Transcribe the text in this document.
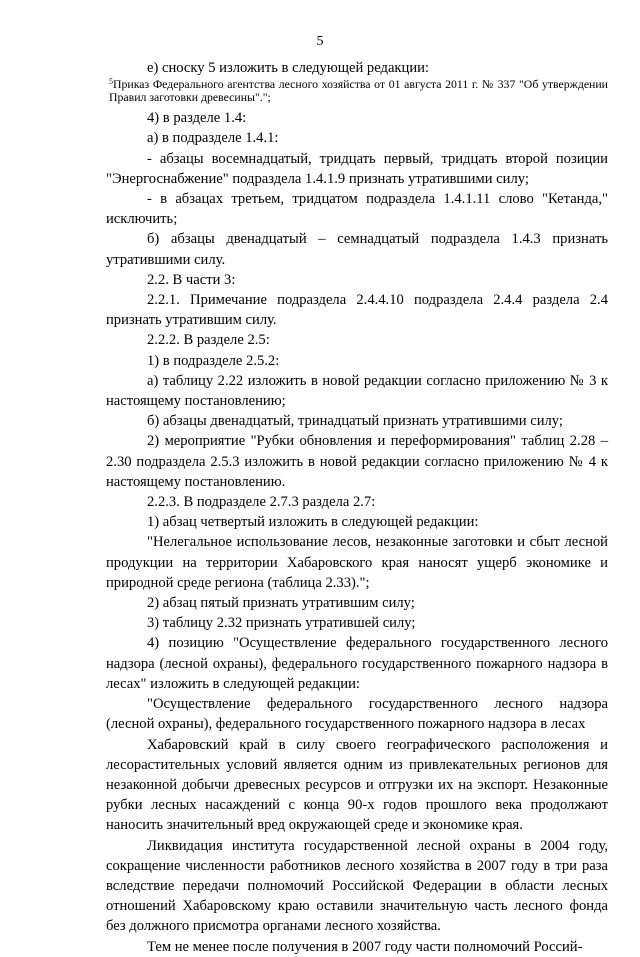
5

е) сноску 5 изложить в следующей редакции:

$^5$Приказ Федерального агентства лесного хозяйства от 01 августа 2011 г. № 337 "Об утверждении Правил заготовки древесины".";

4) в разделе 1.4:

а) в подразделе 1.4.1:

- абзацы восемнадцатый, тридцать первый, тридцать второй позиции "Энергоснабжение" подраздела 1.4.1.9 признать утратившими силу;

- в абзацах третьем, тридцатом подраздела 1.4.1.11 слово "Кетанда," исключить;

б) абзацы двенадцатый – семнадцатый подраздела 1.4.3 признать утратившими силу.

2.2. В части 3:

2.2.1. Примечание подраздела 2.4.4.10 подраздела 2.4.4 раздела 2.4 признать утратившим силу.

2.2.2. В разделе 2.5:

1) в подразделе 2.5.2:

а) таблицу 2.22 изложить в новой редакции согласно приложению № 3 к настоящему постановлению;

б) абзацы двенадцатый, тринадцатый признать утратившими силу;

2) мероприятие "Рубки обновления и переформирования" таблиц 2.28 – 2.30 подраздела 2.5.3 изложить в новой редакции согласно приложению № 4 к настоящему постановлению.

2.2.3. В подразделе 2.7.3 раздела 2.7:

1) абзац четвертый изложить в следующей редакции:

"Нелегальное использование лесов, незаконные заготовки и сбыт лесной продукции на территории Хабаровского края наносят ущерб экономике и природной среде региона (таблица 2.33).";

2) абзац пятый признать утратившим силу;

3) таблицу 2.32 признать утратившей силу;

4) позицию "Осуществление федерального государственного лесного надзора (лесной охраны), федерального государственного пожарного надзора в лесах" изложить в следующей редакции:

"Осуществление федерального государственного лесного надзора (лесной охраны), федерального государственного пожарного надзора в лесах

Хабаровский край в силу своего географического расположения и лесорастительных условий является одним из привлекательных регионов для незаконной добычи древесных ресурсов и отгрузки их на экспорт. Незаконные рубки лесных насаждений с конца 90-х годов прошлого века продолжают наносить значительный вред окружающей среде и экономике края.

Ликвидация института государственной лесной охраны в 2004 году, сокращение численности работников лесного хозяйства в 2007 году в три раза вследствие передачи полномочий Российской Федерации в области лесных отношений Хабаровскому краю оставили значительную часть лесного фонда без должного присмотра органами лесного хозяйства.

Тем не менее после получения в 2007 году части полномочий Россий-
